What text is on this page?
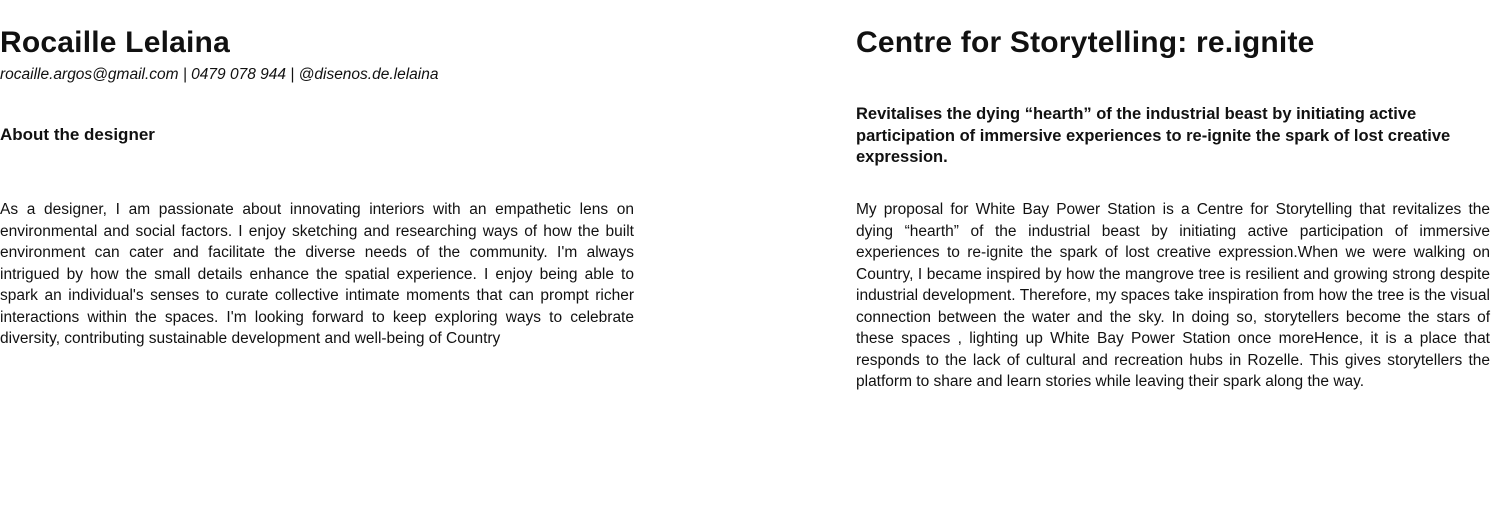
Rocaille Lelaina

rocaille.argos@gmail.com | 0479 078 944 | @disenos.de.lelaina

About the designer

As a designer, I am passionate about innovating interiors with an empathetic lens on environmental and social factors. I enjoy sketching and researching ways of how the built environment can cater and facilitate the diverse needs of the community. I'm always intrigued by how the small details enhance the spatial experience. I enjoy being able to spark an individual's senses to curate collective intimate moments that can prompt richer interactions within the spaces. I'm looking forward to keep exploring ways to celebrate diversity, contributing sustainable development and well-being of Country

Centre for Storytelling: re.ignite

Revitalises the dying “hearth” of the industrial beast by initiating active participation of immersive experiences to re-ignite the spark of lost creative expression.

My proposal for White Bay Power Station is a Centre for Storytelling that revitalizes the dying “hearth” of the industrial beast by initiating active participation of immersive experiences to re-ignite the spark of lost creative expression.When we were walking on Country, I became inspired by how the mangrove tree is resilient and growing strong despite industrial development. Therefore, my spaces take inspiration from how the tree is the visual connection between the water and the sky. In doing so, storytellers become the stars of these spaces , lighting up White Bay Power Station once moreHence, it is a place that responds to the lack of cultural and recreation hubs in Rozelle. This gives storytellers the platform to share and learn stories while leaving their spark along the way.
